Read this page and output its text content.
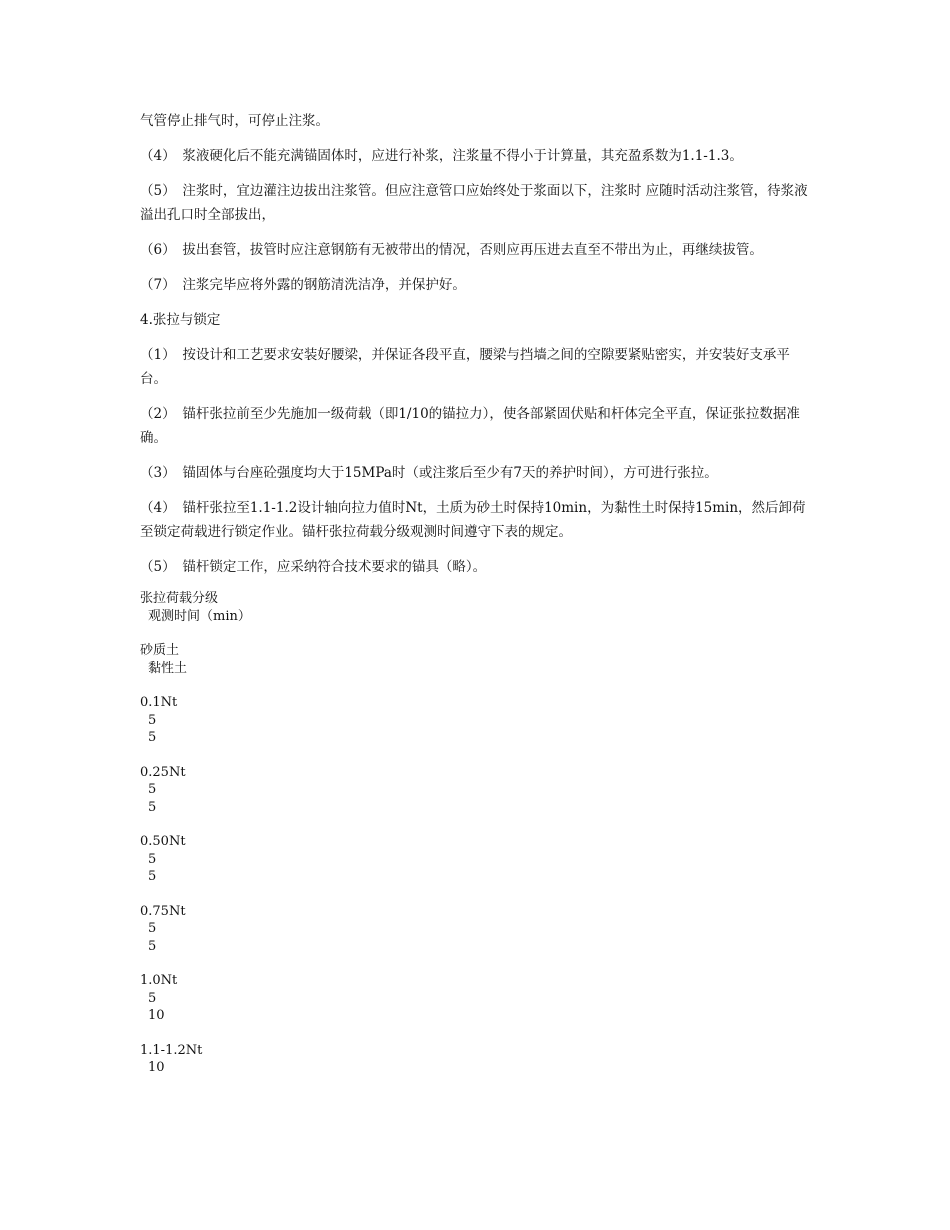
气管停止排气时，可停止注浆。

（4）　浆液硬化后不能充满锚固体时，应进行补浆，注浆量不得小于计算量，其充盈系数为1.1-1.3。

（5）　注浆时，宜边灌注边拔出注浆管。但应注意管口应始终处于浆面以下，注浆时 应随时活动注浆管，待浆液溢出孔口时全部拔出，

（6）　拔出套管，拔管时应注意钢筋有无被带出的情况，否则应再压进去直至不带出为止，再继续拔管。

（7）　注浆完毕应将外露的钢筋清洗洁净，并保护好。

4.张拉与锁定

（1）　按设计和工艺要求安装好腰梁，并保证各段平直，腰梁与挡墙之间的空隙要紧贴密实，并安装好支承平台。

（2）　锚杆张拉前至少先施加一级荷载（即1/10的锚拉力），使各部紧固伏贴和杆体完全平直，保证张拉数据准确。

（3）　锚固体与台座砼强度均大于15MPa时（或注浆后至少有7天的养护时间），方可进行张拉。

（4）　锚杆张拉至1.1-1.2设计轴向拉力值时Nt，土质为砂土时保持10min，为黏性土时保持15min，然后卸荷至锁定荷载进行锁定作业。锚杆张拉荷载分级观测时间遵守下表的规定。

（5）　锚杆锁定工作，应采纳符合技术要求的锚具（略）。

张拉荷载分级
观测时间（min）
砂质土
黏性土
0.1Nt
5
5
0.25Nt
5
5
0.50Nt
5
5
0.75Nt
5
5
1.0Nt
5
10
1.1-1.2Nt
10
